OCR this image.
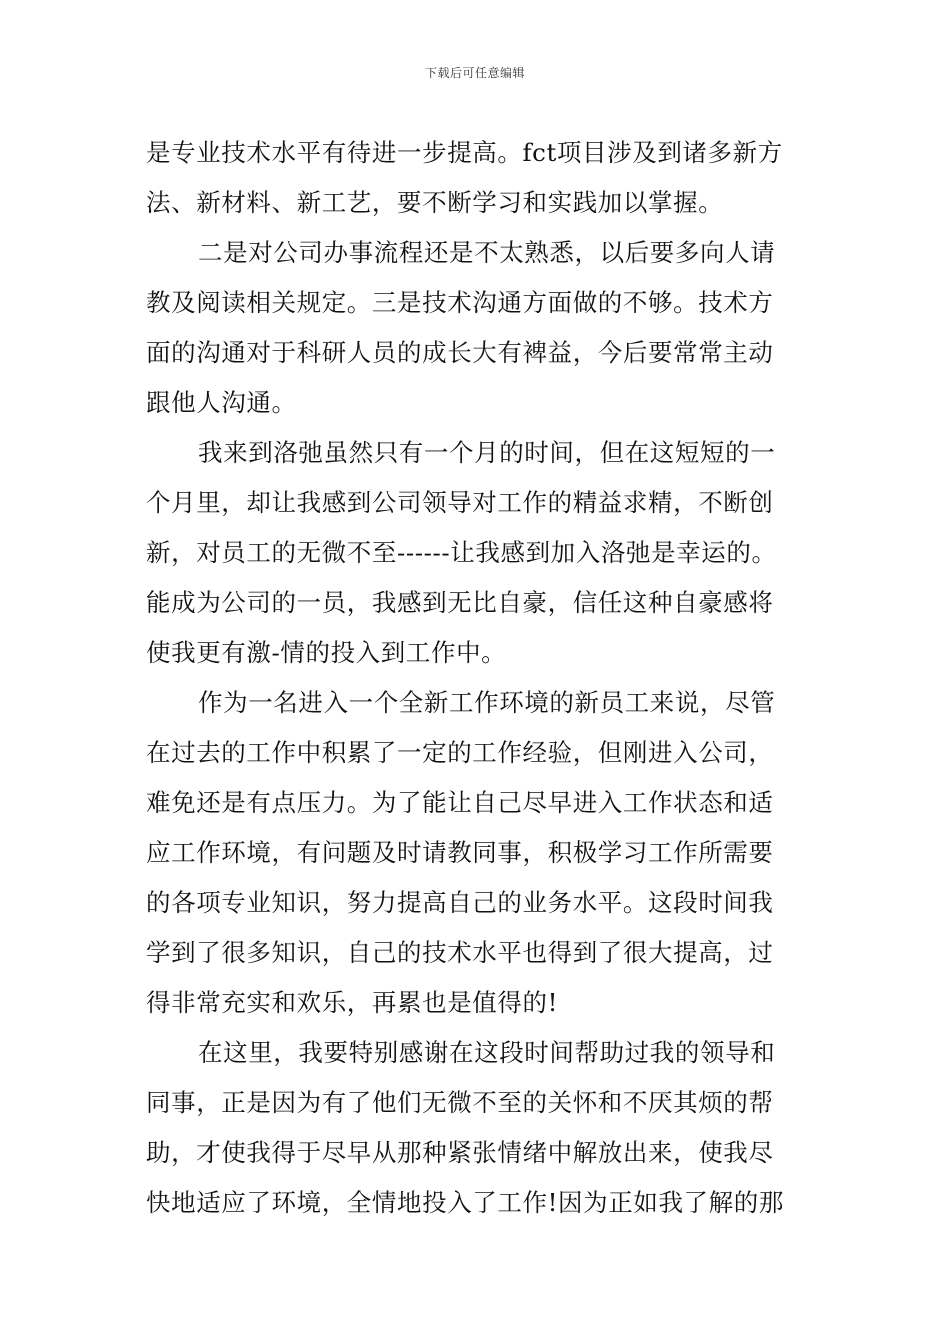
下载后可任意编辑
是专业技术水平有待进一步提高。fct项目涉及到诸多新方
法、新材料、新工艺，要不断学习和实践加以掌握。
二是对公司办事流程还是不太熟悉，以后要多向人请
教及阅读相关规定。三是技术沟通方面做的不够。技术方
面的沟通对于科研人员的成长大有裨益，今后要常常主动
跟他人沟通。
我来到洛弛虽然只有一个月的时间，但在这短短的一
个月里，却让我感到公司领导对工作的精益求精，不断创
新，对员工的无微不至------让我感到加入洛弛是幸运的。
能成为公司的一员，我感到无比自豪，信任这种自豪感将
使我更有激-情的投入到工作中。
作为一名进入一个全新工作环境的新员工来说，尽管
在过去的工作中积累了一定的工作经验，但刚进入公司，
难免还是有点压力。为了能让自己尽早进入工作状态和适
应工作环境，有问题及时请教同事，积极学习工作所需要
的各项专业知识，努力提高自己的业务水平。这段时间我
学到了很多知识，自己的技术水平也得到了很大提高，过
得非常充实和欢乐，再累也是值得的!
在这里，我要特别感谢在这段时间帮助过我的领导和
同事，正是因为有了他们无微不至的关怀和不厌其烦的帮
助，才使我得于尽早从那种紧张情绪中解放出来，使我尽
快地适应了环境，全情地投入了工作!因为正如我了解的那
